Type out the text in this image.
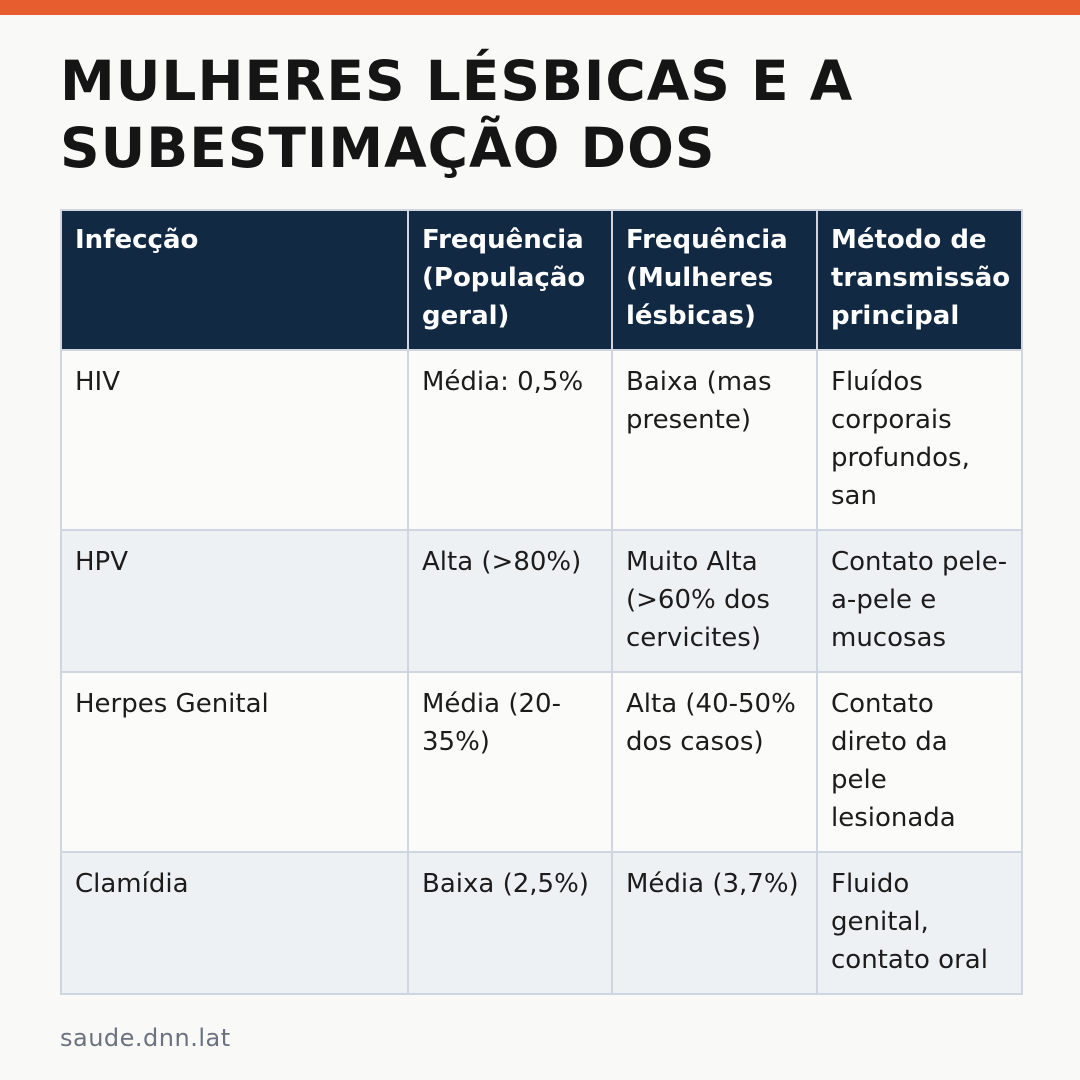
MULHERES LÉSBICAS E A
SUBESTIMAÇÃO DOS
Infecção	Frequência (População geral)	Frequência (Mulheres lésbicas)	Método de transmissão principal
HIV	Média: 0,5%	Baixa (mas presente)	Fluídos corporais profundos, san
HPV	Alta (>80%)	Muito Alta (>60% dos cervicites)	Contato pele-a-pele e mucosas
Herpes Genital	Média (20-35%)	Alta (40-50% dos casos)	Contato direto da pele lesionada
Clamídia	Baixa (2,5%)	Média (3,7%)	Fluido genital, contato oral
saude.dnn.lat
